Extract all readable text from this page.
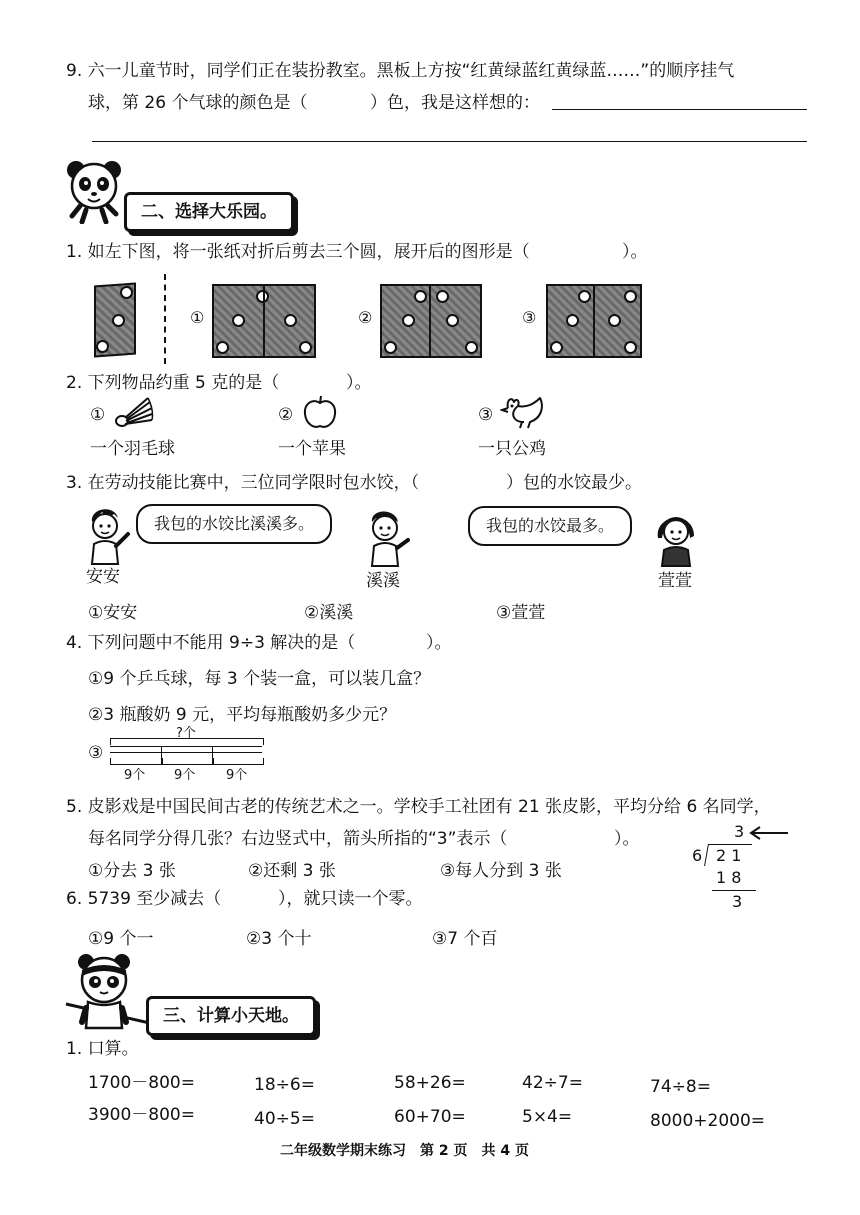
9. 六一儿童节时，同学们正在装扮教室。黑板上方按“红黄绿蓝红黄绿蓝……”的顺序挂气
球，第 26 个气球的颜色是（	）色，我是这样想的：
二、选择大乐园。
1. 如左下图，将一张纸对折后剪去三个圆，展开后的图形是（	）。
①	②	③
2. 下列物品约重 5 克的是（	）。
①
一个羽毛球
②
一个苹果
③
一只公鸡
3. 在劳动技能比赛中，三位同学限时包水饺，（	）包的水饺最少。
我包的水饺比溪溪多。
安安	溪溪
我包的水饺最多。
萱萱
①安安	②溪溪	③萱萱
4. 下列问题中不能用 9÷3 解决的是（	）。
①9 个乒乓球，每 3 个装一盒，可以装几盒？
②3 瓶酸奶 9 元，平均每瓶酸奶多少元？
③
?个
9个 9个 9个
5. 皮影戏是中国民间古老的传统艺术之一。学校手工社团有 21 张皮影，平均分给 6 名同学，
每名同学分得几张？右边竖式中，箭头所指的“3”表示（	）。
①分去 3 张	②还剩 3 张	③每人分到 3 张
3
6 2 1
1 8
3
6. 5739 至少减去（	），就只读一个零。
①9 个一	②3 个十	③7 个百
三、计算小天地。
1. 口算。
1700－800=	18÷6=	58+26=	42÷7=	74÷8=
3900－800=	40÷5=	60+70=	5×4=	8000+2000=
二年级数学期末练习　第 2 页　共 4 页
